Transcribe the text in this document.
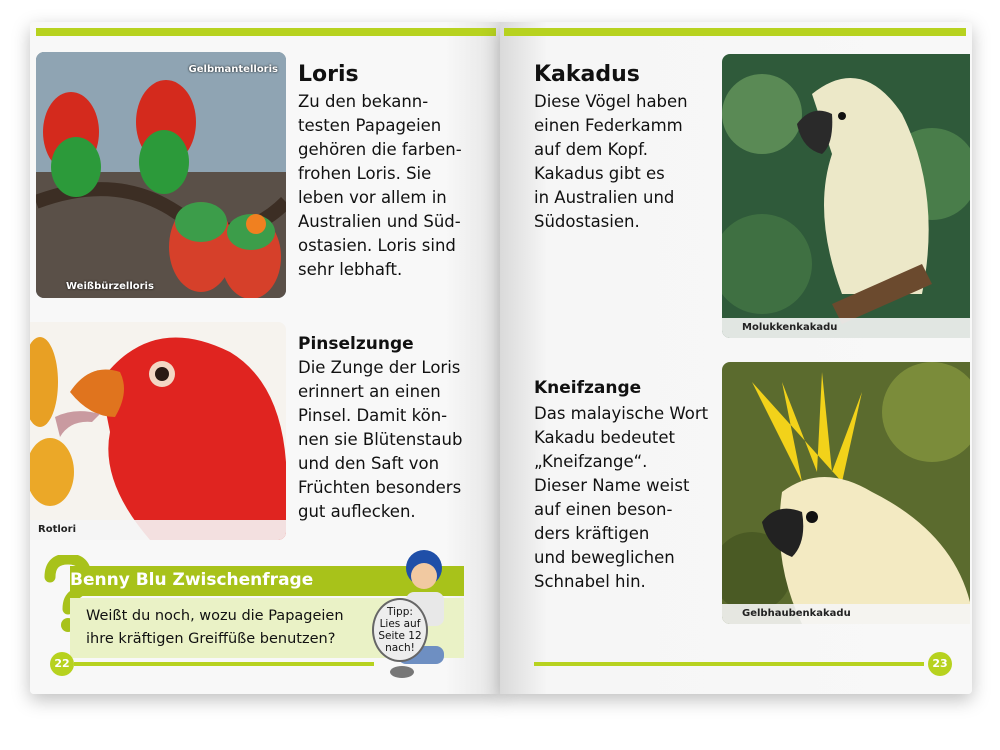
Gelbmantelloris
Weißbürzelloris
Loris

Zu den bekann-
testen Papageien
gehören die farben-
frohen Loris. Sie
leben vor allem in
Australien und Süd-
ostasien. Loris sind
sehr lebhaft.

Rotlori
Pinselzunge

Die Zunge der Loris
erinnert an einen
Pinsel. Damit kön-
nen sie Blütenstaub
und den Saft von
Früchten besonders
gut auflecken.

Benny Blu Zwischenfrage
Weißt du noch, wozu die Papageien
ihre kräftigen Greiffüße benutzen?
Tipp:
Lies auf
Seite 12
nach!
22
Kakadus

Diese Vögel haben
einen Federkamm
auf dem Kopf.
Kakadus gibt es
in Australien und
Südostasien.

Molukkenkakadu
Kneifzange

Das malayische Wort
Kakadu bedeutet
„Kneifzange“.
Dieser Name weist
auf einen beson-
ders kräftigen
und beweglichen
Schnabel hin.

Gelbhaubenkakadu
23
